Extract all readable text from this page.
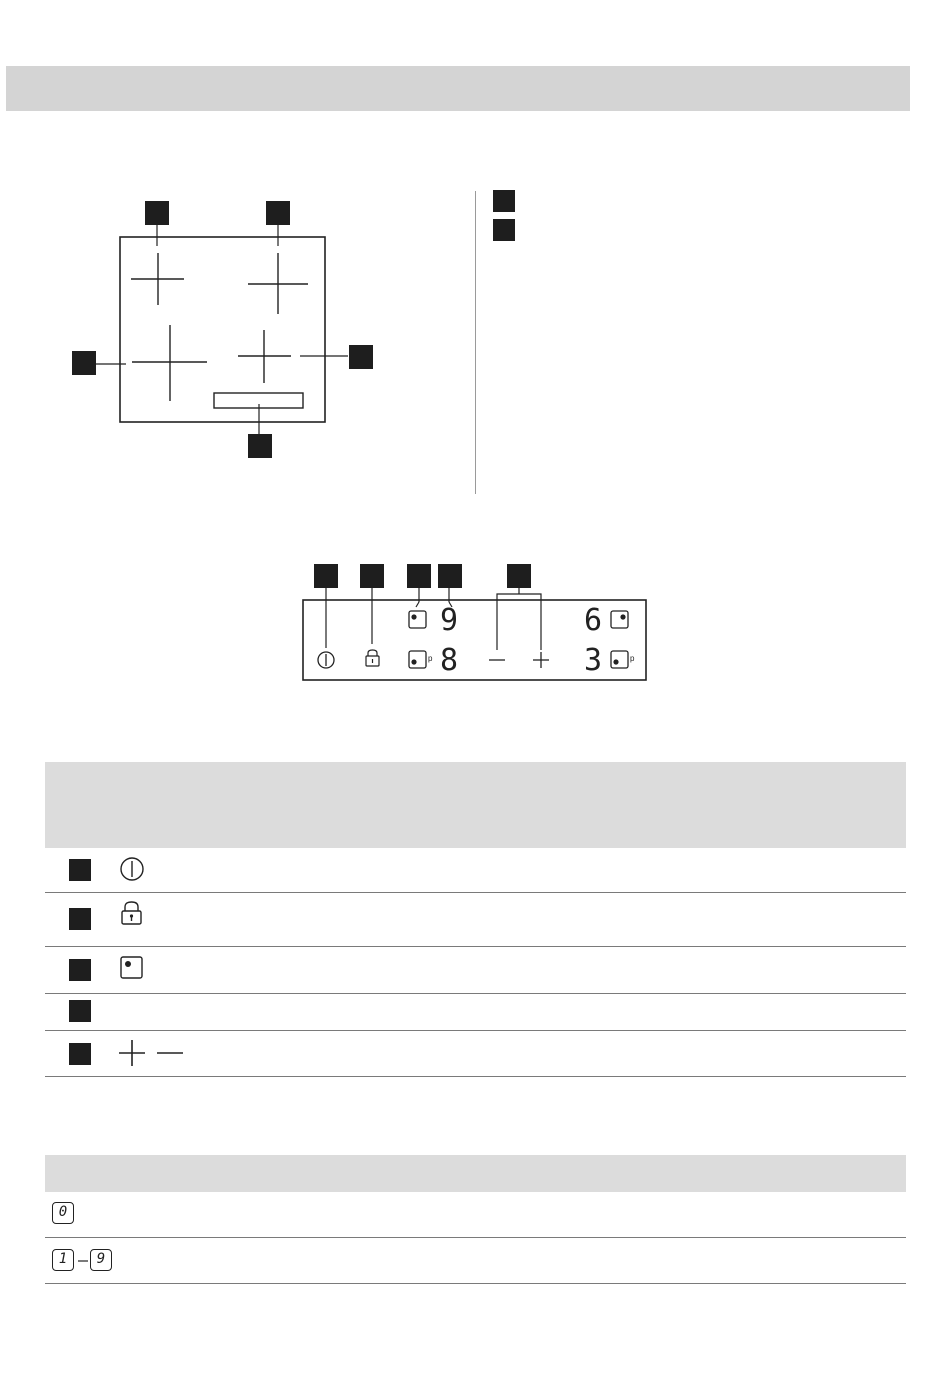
p	p
9
8
6
3
0
1	9
